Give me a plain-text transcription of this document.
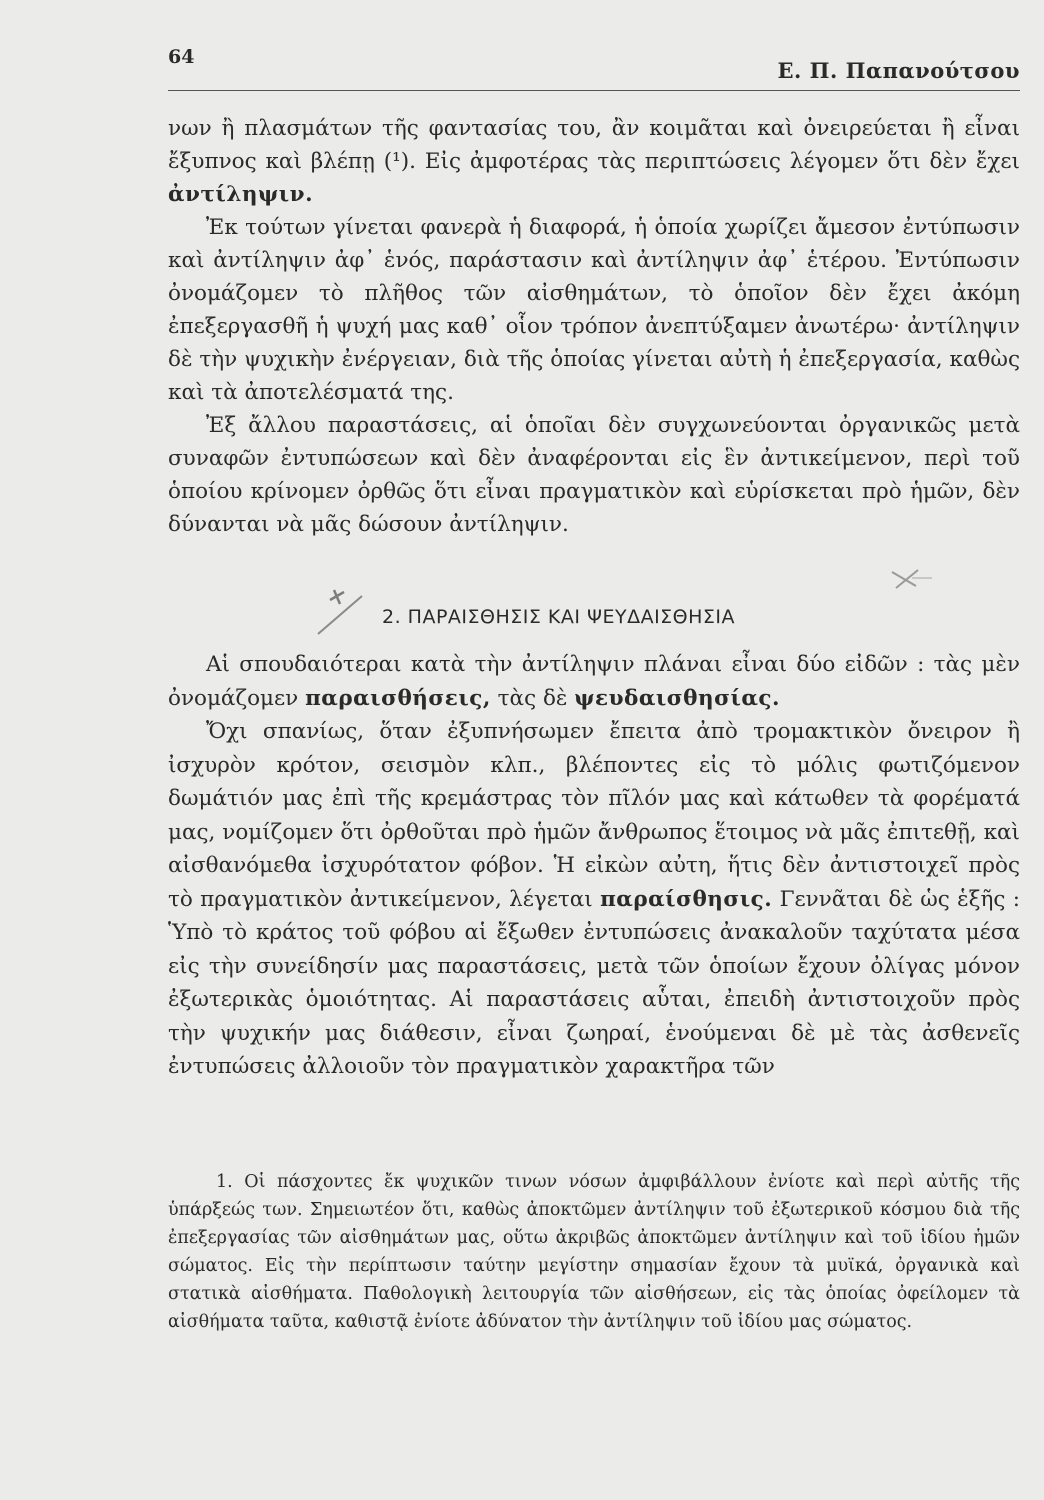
64
Ε. Π. Παπανούτσου

νων ἢ πλασμάτων τῆς φαντασίας του, ἂν κοιμᾶται καὶ ὀνειρεύεται ἢ εἶναι ἔξυπνος καὶ βλέπῃ (¹). Εἰς ἀμφοτέρας τὰς περιπτώσεις λέγομεν ὅτι δὲν ἔχει ἀντίληψιν.

Ἐκ τούτων γίνεται φανερὰ ἡ διαφορά, ἡ ὁποία χωρίζει ἄμεσον ἐντύπωσιν καὶ ἀντίληψιν ἀφ᾽ ἑνός, παράστασιν καὶ ἀντίληψιν ἀφ᾽ ἑτέρου. Ἐντύπωσιν ὀνομάζομεν τὸ πλῆθος τῶν αἰσθημάτων, τὸ ὁποῖον δὲν ἔχει ἀκόμη ἐπεξεργασθῆ ἡ ψυχή μας καθ᾽ οἷον τρόπον ἀνεπτύξαμεν ἀνωτέρω· ἀντίληψιν δὲ τὴν ψυχικὴν ἐνέργειαν, διὰ τῆς ὁποίας γίνεται αὐτὴ ἡ ἐπεξεργασία, καθὼς καὶ τὰ ἀποτελέσματά της.

Ἐξ ἄλλου παραστάσεις, αἱ ὁποῖαι δὲν συγχωνεύονται ὀργανικῶς μετὰ συναφῶν ἐντυπώσεων καὶ δὲν ἀναφέρονται εἰς ἓν ἀντικείμενον, περὶ τοῦ ὁποίου κρίνομεν ὀρθῶς ὅτι εἶναι πραγματικὸν καὶ εὑρίσκεται πρὸ ἡμῶν, δὲν δύνανται νὰ μᾶς δώσουν ἀντίληψιν.

2. ΠΑΡΑΙΣΘΗΣΙΣ ΚΑΙ ΨΕΥΔΑΙΣΘΗΣΙΑ

Αἱ σπουδαιότεραι κατὰ τὴν ἀντίληψιν πλάναι εἶναι δύο εἰδῶν : τὰς μὲν ὀνομάζομεν παραισθήσεις, τὰς δὲ ψευδαισθησίας.

Ὄχι σπανίως, ὅταν ἐξυπνήσωμεν ἔπειτα ἀπὸ τρομακτικὸν ὄνειρον ἢ ἰσχυρὸν κρότον, σεισμὸν κλπ., βλέποντες εἰς τὸ μόλις φωτιζόμενον δωμάτιόν μας ἐπὶ τῆς κρεμάστρας τὸν πῖλόν μας καὶ κάτωθεν τὰ φορέματά μας, νομίζομεν ὅτι ὀρθοῦται πρὸ ἡμῶν ἄνθρωπος ἕτοιμος νὰ μᾶς ἐπιτεθῇ, καὶ αἰσθανόμεθα ἰσχυρότατον φόβον. Ἡ εἰκὼν αὐτη, ἥτις δὲν ἀντιστοιχεῖ πρὸς τὸ πραγματικὸν ἀντικείμενον, λέγεται παραίσθησις. Γεννᾶται δὲ ὡς ἑξῆς : Ὑπὸ τὸ κράτος τοῦ φόβου αἱ ἔξωθεν ἐντυπώσεις ἀνακαλοῦν ταχύτατα μέσα εἰς τὴν συνείδησίν μας παραστάσεις, μετὰ τῶν ὁποίων ἔχουν ὀλίγας μόνον ἐξωτερικὰς ὁμοιότητας. Αἱ παραστάσεις αὗται, ἐπειδὴ ἀντιστοιχοῦν πρὸς τὴν ψυχικήν μας διάθεσιν, εἶναι ζωηραί, ἑνούμεναι δὲ μὲ τὰς ἀσθενεῖς ἐντυπώσεις ἀλλοιοῦν τὸν πραγματικὸν χαρακτῆρα τῶν

1. Οἱ πάσχοντες ἔκ ψυχικῶν τινων νόσων ἀμφιβάλλουν ἐνίοτε καὶ περὶ αὐτῆς τῆς ὑπάρξεώς των. Σημειωτέον ὅτι, καθὼς ἀποκτῶμεν ἀντίληψιν τοῦ ἐξωτερικοῦ κόσμου διὰ τῆς ἐπεξεργασίας τῶν αἰσθημάτων μας, οὕτω ἀκριβῶς ἀποκτῶμεν ἀντίληψιν καὶ τοῦ ἰδίου ἡμῶν σώματος. Εἰς τὴν περίπτωσιν ταύτην μεγίστην σημασίαν ἔχουν τὰ μυϊκά, ὀργανικὰ καὶ στατικὰ αἰσθήματα. Παθολογικὴ λειτουργία τῶν αἰσθήσεων, εἰς τὰς ὁποίας ὀφείλομεν τὰ αἰσθήματα ταῦτα, καθιστᾷ ἐνίοτε ἀδύνατον τὴν ἀντίληψιν τοῦ ἰδίου μας σώματος.
